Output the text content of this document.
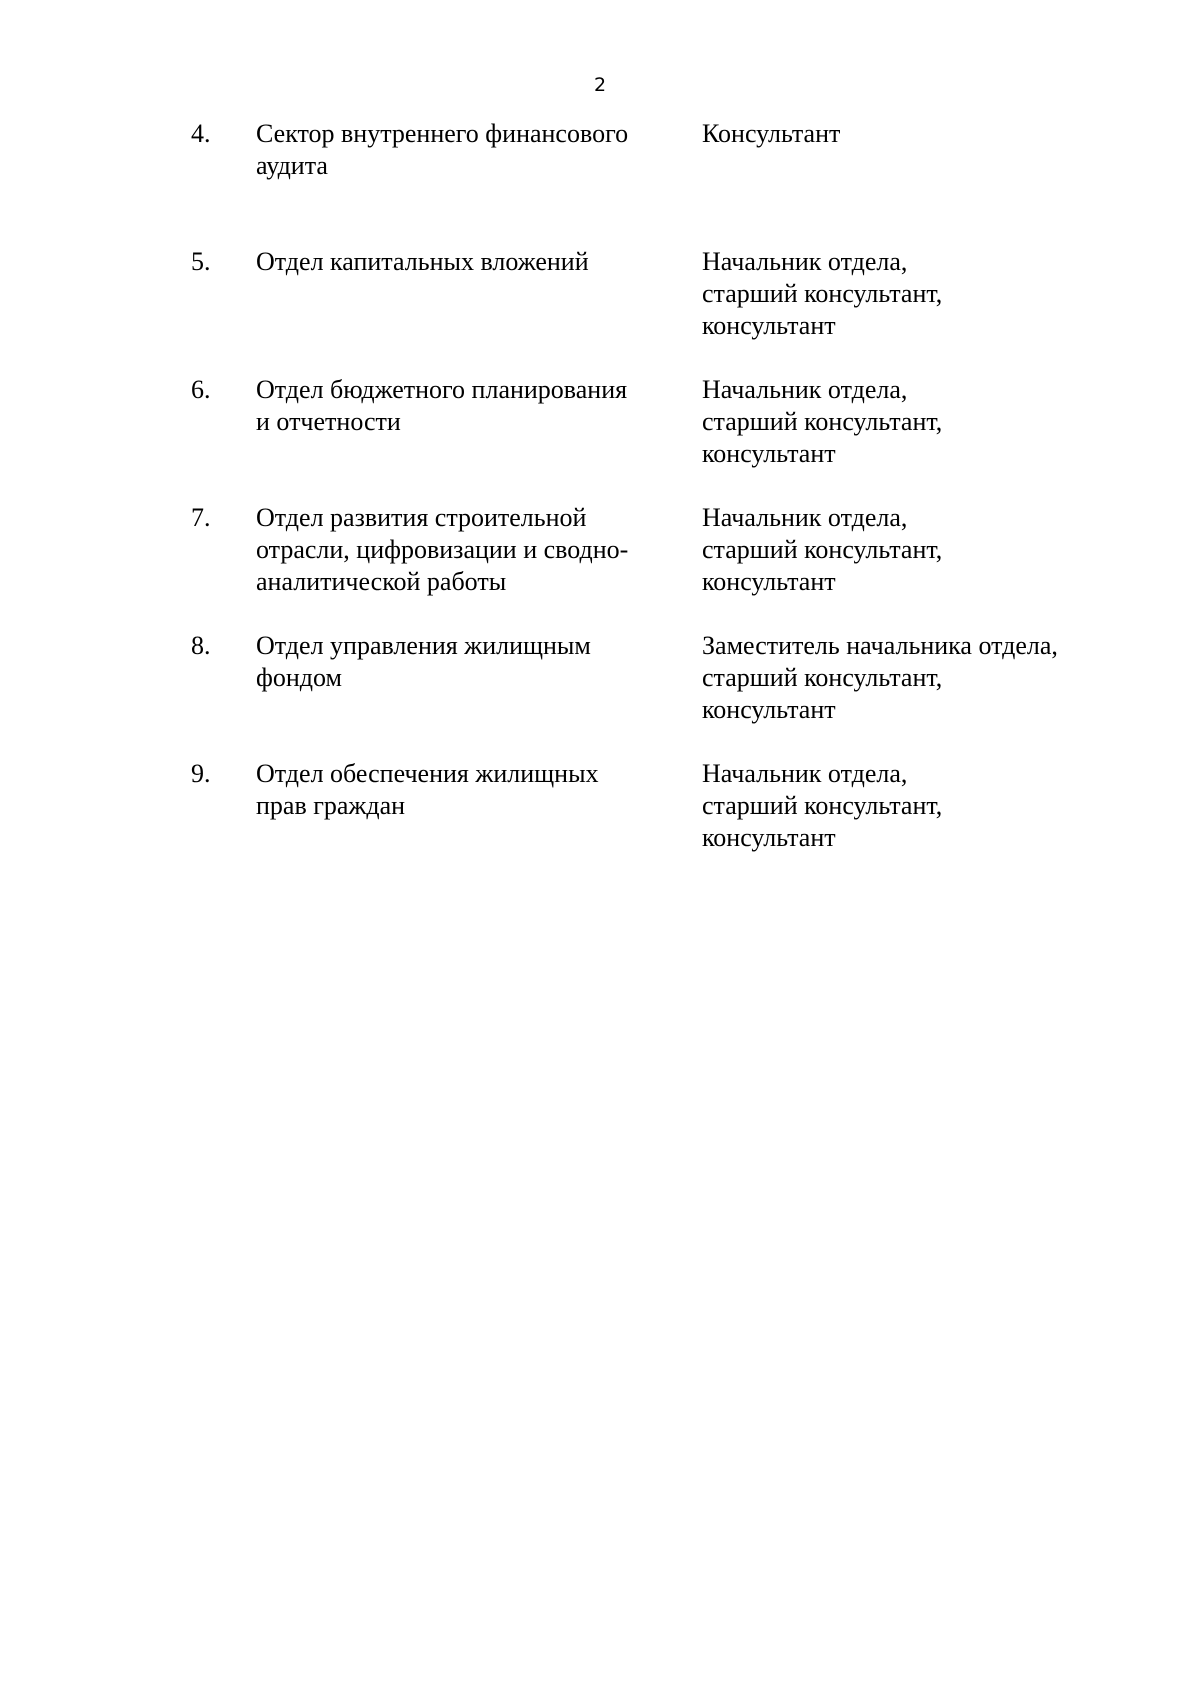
2
4. Сектор внутреннего финансового
аудита
Консультант
5. Отдел капитальных вложений	Начальник отдела,
старший консультант,
консультант
6. Отдел бюджетного планирования
и отчетности
Начальник отдела,
старший консультант,
консультант
7. Отдел развития строительной
отрасли, цифровизации и сводно-
аналитической работы
Начальник отдела,
старший консультант,
консультант
8. Отдел управления жилищным
фондом
Заместитель начальника отдела,
старший консультант,
консультант
9. Отдел обеспечения жилищных
прав граждан
Начальник отдела,
старший консультант,
консультант
